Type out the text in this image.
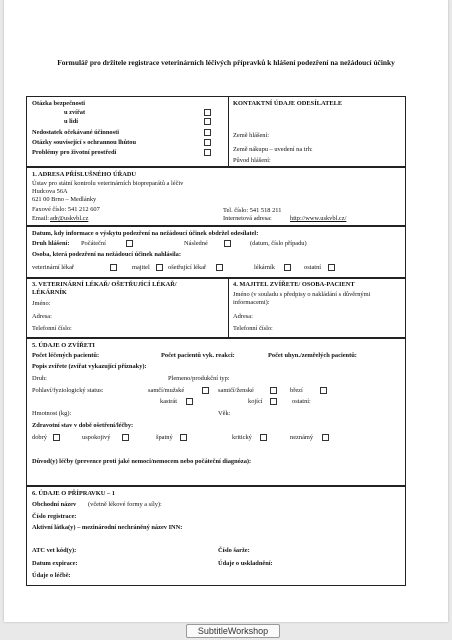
Formulář pro držitele registrace veterinárních léčivých přípravků k hlášení podezření na nežádoucí účinky
Otázka bezpečnosti
u zvířat
u lidí
Nedostatek očekávané účinnosti
Otázky související s ochrannou lhůtou
Problémy pro životní prostředí
KONTAKTNÍ ÚDAJE ODESÍLATELE
Země hlášení:
Země nákupu – uvedení na trh:
Původ hlášení:
1. ADRESA PŘÍSLUŠNÉHO ÚŘADU
Ústav pro státní kontrolu veterinárních biopreparátů a léčiv
Hudcova 56A
621 00 Brno – Medlánky
Faxové číslo: 541 212 607	Tel. číslo: 541 518 211
Email: adr@uskvbl.cz	Internetová adresa:	http://www.uskvbl.cz/
Datum, kdy informace o výskytu podezření na nežádoucí účinek obdržel odesílatel:
Druh hlášení: Počáteční	Následné	(datum, číslo případu)
Osoba, která podezření na nežádoucí účinek nahlásila:
veterinární lékař	majitel	ošetřující lékař	lékárník	ostatní
3. VETERINÁRNÍ LÉKAŘ/ OŠETŘUJÍCÍ LÉKAŘ/ LÉKÁRNÍK
Jméno:
Adresa:
Telefonní číslo:
4. MAJITEL ZVÍŘETE/ OSOBA-PACIENT
Jméno (v souladu s předpisy o nakládání s důvěrnými informacemi):
Adresa:
Telefonní číslo:
5. ÚDAJE O ZVÍŘETI
Počet léčených pacientů:	Počet pacientů vyk. reakci:	Počet uhyn./zemřelých pacientů:
Popis zvířete (zvířat vykazující příznaky):
Druh:	Plemeno/produkční typ:
Pohlaví/fyziologický status:	samčí/mužské	samičí/ženské	březí
kastrát	kojící	ostatní:
Hmotnost (kg):	Věk:
Zdravotní stav v době ošetření/léčby:
dobrý	uspokojivý	špatný	kritický	neznámý
Důvod(y) léčby (prevence proti jaké nemoci/nemocem nebo počáteční diagnóza):
6. ÚDAJE O PŘÍPRAVKU – 1
Obchodní název (včetně lékové formy a síly):
Číslo registrace:
Aktivní látka(y) – mezinárodní nechráněný název INN:
ATC vet kód(y):	Číslo šarže:
Datum expirace:	Údaje o uskladnění:
Údaje o léčbě:
SubtitleWorkshop
